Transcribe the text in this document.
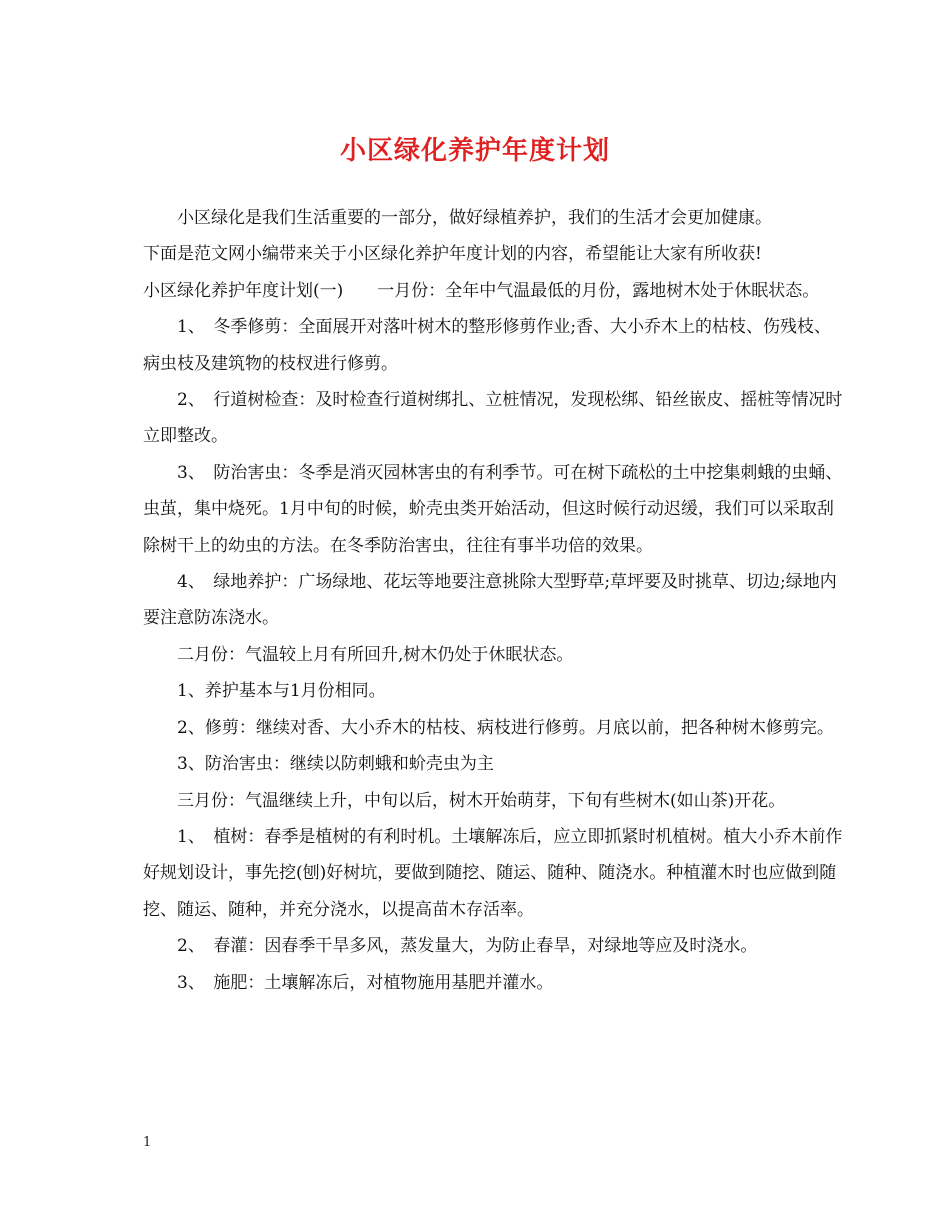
小区绿化养护年度计划

小区绿化是我们生活重要的一部分，做好绿植养护，我们的生活才会更加健康。

下面是范文网小编带来关于小区绿化养护年度计划的内容，希望能让大家有所收获!

小区绿化养护年度计划(一)　　一月份：全年中气温最低的月份，露地树木处于休眠状态。

1、　冬季修剪：全面展开对落叶树木的整形修剪作业;香、大小乔木上的枯枝、伤残枝、病虫枝及建筑物的枝杈进行修剪。

2、　行道树检查：及时检查行道树绑扎、立桩情况，发现松绑、铅丝嵌皮、摇桩等情况时立即整改。

3、　防治害虫：冬季是消灭园林害虫的有利季节。可在树下疏松的土中挖集刺蛾的虫蛹、虫茧，集中烧死。1月中旬的时候，蚧壳虫类开始活动，但这时候行动迟缓，我们可以采取刮除树干上的幼虫的方法。在冬季防治害虫，往往有事半功倍的效果。

4、　绿地养护：广场绿地、花坛等地要注意挑除大型野草;草坪要及时挑草、切边;绿地内要注意防冻浇水。

二月份：气温较上月有所回升,树木仍处于休眠状态。

1、养护基本与1月份相同。

2、修剪：继续对香、大小乔木的枯枝、病枝进行修剪。月底以前，把各种树木修剪完。

3、防治害虫：继续以防刺蛾和蚧壳虫为主

三月份：气温继续上升，中旬以后，树木开始萌芽，下旬有些树木(如山茶)开花。

1、　植树：春季是植树的有利时机。土壤解冻后，应立即抓紧时机植树。植大小乔木前作好规划设计，事先挖(刨)好树坑，要做到随挖、随运、随种、随浇水。种植灌木时也应做到随挖、随运、随种，并充分浇水，以提高苗木存活率。

2、　春灌：因春季干旱多风，蒸发量大，为防止春旱，对绿地等应及时浇水。

3、　施肥：土壤解冻后，对植物施用基肥并灌水。

1
